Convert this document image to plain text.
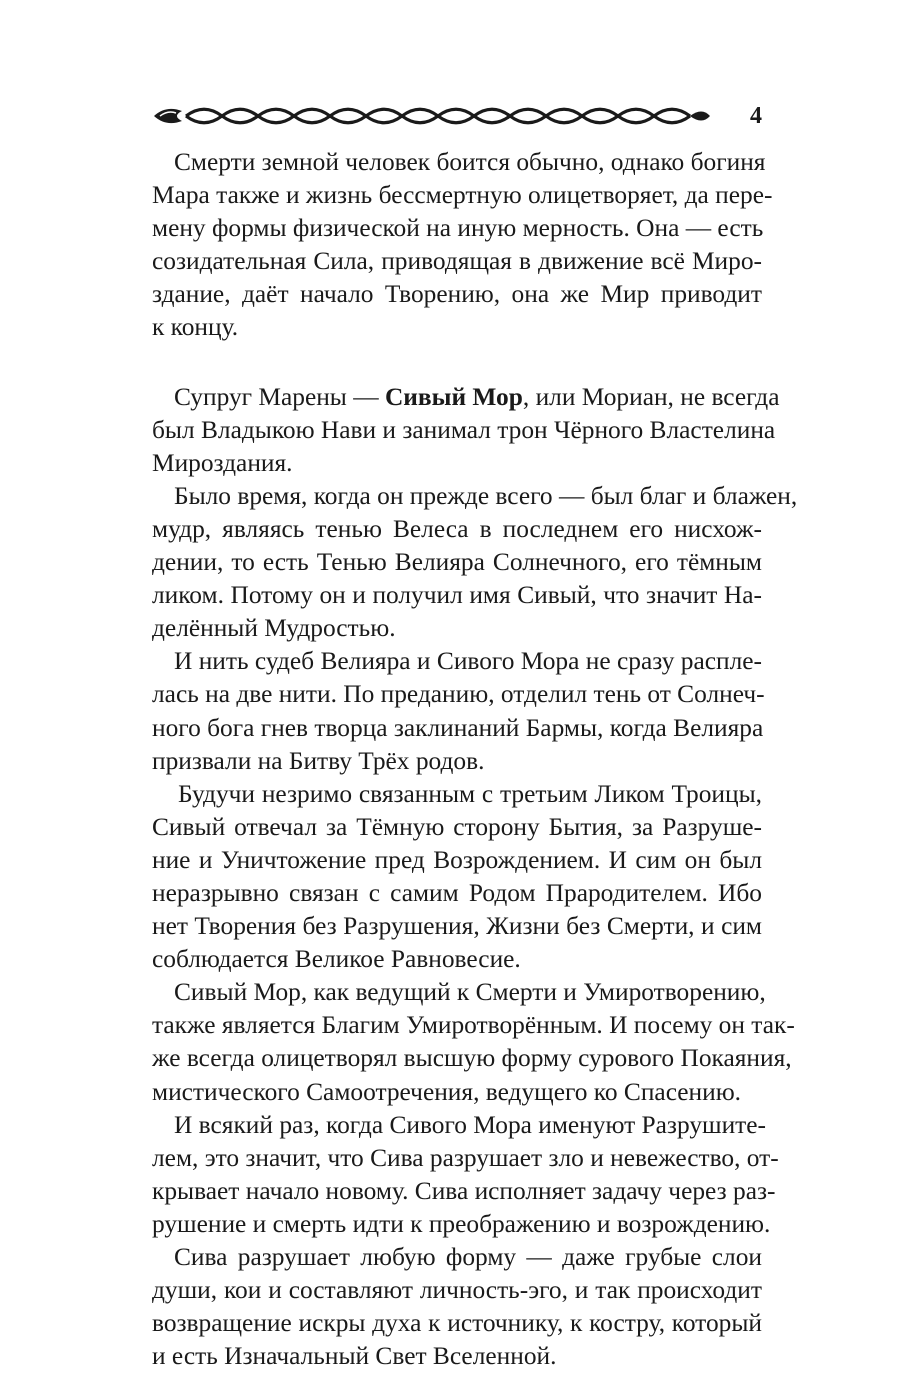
4
Смерти земной человек боится обычно, однако богиня
Мара также и жизнь бессмертную олицетворяет, да пере-
мену формы физической на иную мерность. Она — есть
созидательная Сила, приводящая в движение всё Миро-
здание, даёт начало Творению, она же Мир приводит
к концу.
Супруг Марены — Сивый Мор, или Мориан, не всегда
был Владыкою Нави и занимал трон Чёрного Властелина
Мироздания.
Было время, когда он прежде всего — был благ и блажен,
мудр, являясь тенью Велеса в последнем его нисхож-
дении, то есть Тенью Велияра Солнечного, его тёмным
ликом. Потому он и получил имя Сивый, что значит На-
делённый Мудростью.
И нить судеб Велияра и Сивого Мора не сразу расплe-
лась на две нити. По преданию, отделил тень от Солнеч-
ного бога гнев творца заклинаний Бармы, когда Велияра
призвали на Битву Трёх родов.
Будучи незримо связанным с третьим Ликом Троицы,
Сивый отвечал за Тёмную сторону Бытия, за Разруше-
ние и Уничтожение пред Возрождением. И сим он был
неразрывно связан с самим Родом Прародителем. Ибо
нет Творения без Разрушения, Жизни без Смерти, и сим
соблюдается Великое Равновесие.
Сивый Мор, как ведущий к Смерти и Умиротворению,
также является Благим Умиротворённым. И посему он так-
же всегда олицетворял высшую форму сурового Покаяния,
мистического Самоотречения, ведущего ко Спасению.
И всякий раз, когда Сивого Мора именуют Разрушите-
лем, это значит, что Сива разрушает зло и невежество, от-
крывает начало новому. Сива исполняет задачу через раз-
рушение и смерть идти к преображению и возрождению.
Сива разрушает любую форму — даже грубые слои
души, кои и составляют личность-эго, и так происходит
возвращение искры духа к источнику, к костру, который
и есть Изначальный Свет Вселенной.
